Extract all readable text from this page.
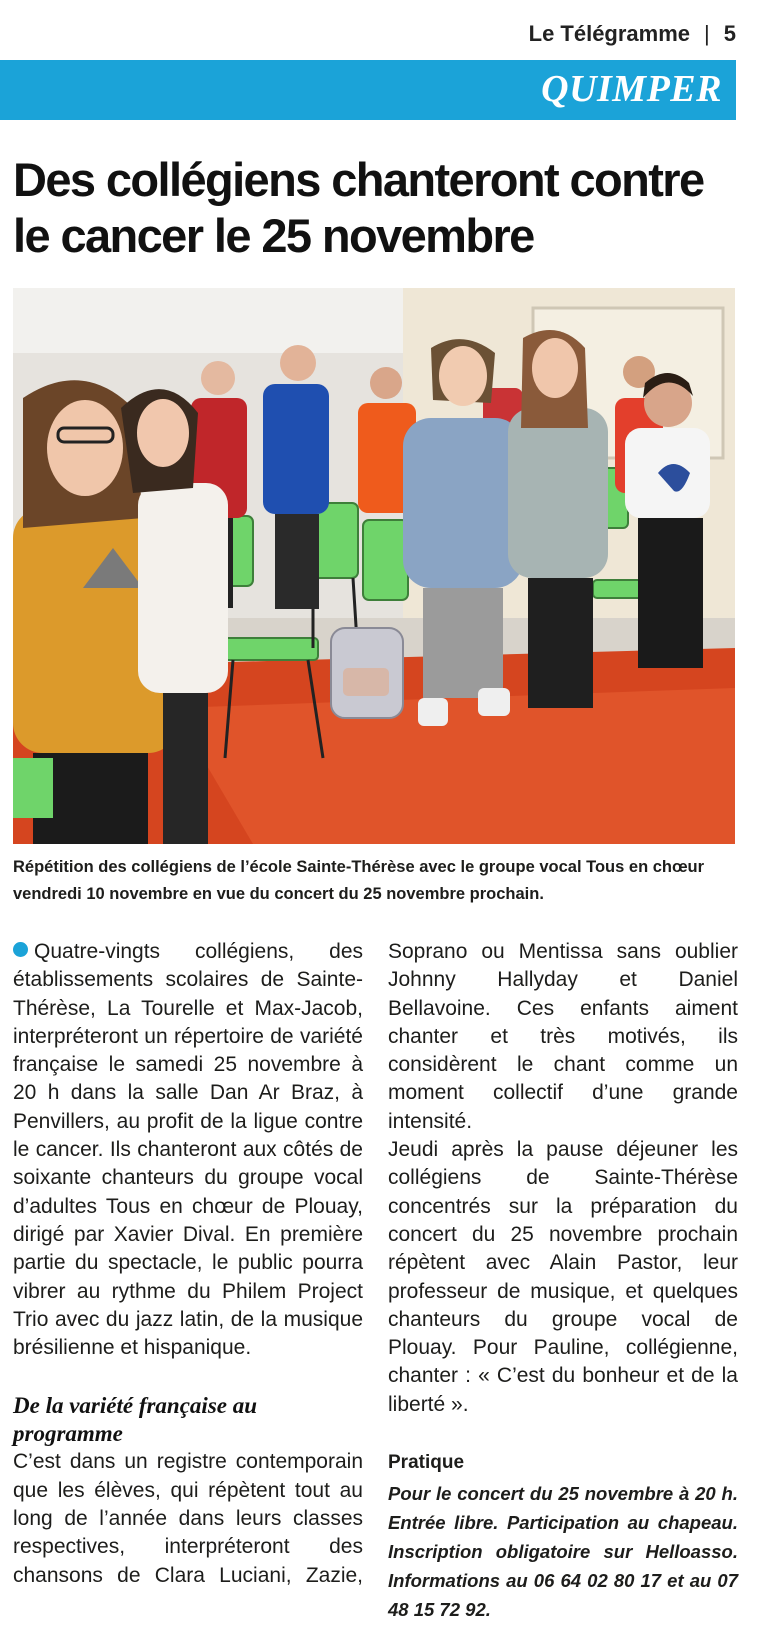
Le Télégramme | 5
QUIMPER
Des collégiens chanteront contre le cancer le 25 novembre

Répétition des collégiens de l’école Sainte-Thérèse avec le groupe vocal Tous en chœur vendredi 10 novembre en vue du concert du 25 novembre prochain.

Quatre-vingts collégiens, des établissements scolaires de Sainte-Thérèse, La Tourelle et Max-Jacob, interpréteront un répertoire de variété française le samedi 25 novembre à 20 h dans la salle Dan Ar Braz, à Penvillers, au profit de la ligue contre le cancer. Ils chanteront aux côtés de soixante chanteurs du groupe vocal d’adultes Tous en chœur de Plouay, dirigé par Xavier Dival. En première partie du spectacle, le public pourra vibrer au rythme du Philem Project Trio avec du jazz latin, de la musique brésilienne et hispanique.

De la variété française au programme

C’est dans un registre contemporain que les élèves, qui répètent tout au long de l’année dans leurs classes respectives, interpréteront des chansons de Clara Luciani, Zazie,

Soprano ou Mentissa sans oublier Johnny Hallyday et Daniel Bellavoine. Ces enfants aiment chanter et très motivés, ils considèrent le chant comme un moment collectif d’une grande intensité.

Jeudi après la pause déjeuner les collégiens de Sainte-Thérèse concentrés sur la préparation du concert du 25 novembre prochain répètent avec Alain Pastor, leur professeur de musique, et quelques chanteurs du groupe vocal de Plouay. Pour Pauline, collégienne, chanter : « C’est du bonheur et de la liberté ».

Pratique

Pour le concert du 25 novembre à 20 h. Entrée libre. Participation au chapeau. Inscription obligatoire sur Helloasso. Informations au 06 64 02 80 17 et au 07 48 15 72 92.
